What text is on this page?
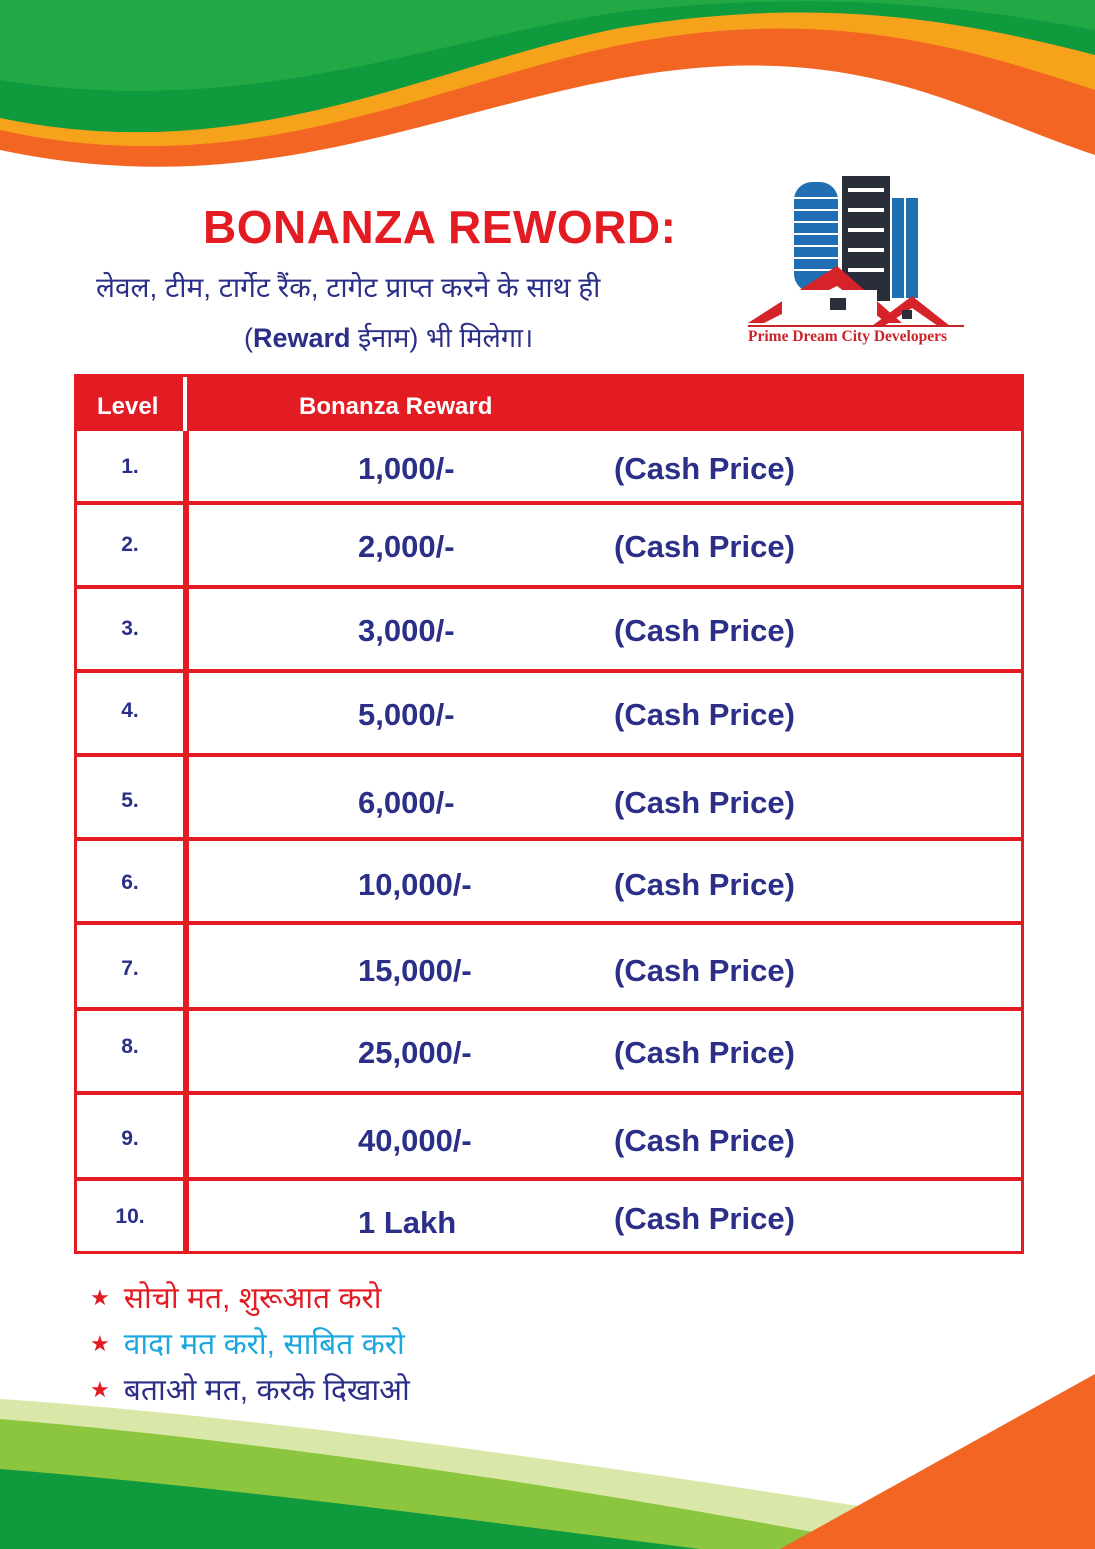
BONANZA REWORD:
लेवल, टीम, टार्गेट रैंक, टागेट प्राप्त करने के साथ ही
(Reward ईनाम) भी मिलेगा।	Prime Dream City Developers
Level	Bonanza Reward
1.	1,000/-	(Cash Price)
2.	2,000/-	(Cash Price)
3.	3,000/-	(Cash Price)
4.	5,000/-	(Cash Price)
5.	6,000/-	(Cash Price)
6.	10,000/-	(Cash Price)
7.	15,000/-	(Cash Price)
8.	25,000/-	(Cash Price)
9.	40,000/-	(Cash Price)
10.	1 Lakh	(Cash Price)
★ सोचो मत, शुरूआत करो
★ वादा मत करो, साबित करो
★ बताओ मत, करके दिखाओ
